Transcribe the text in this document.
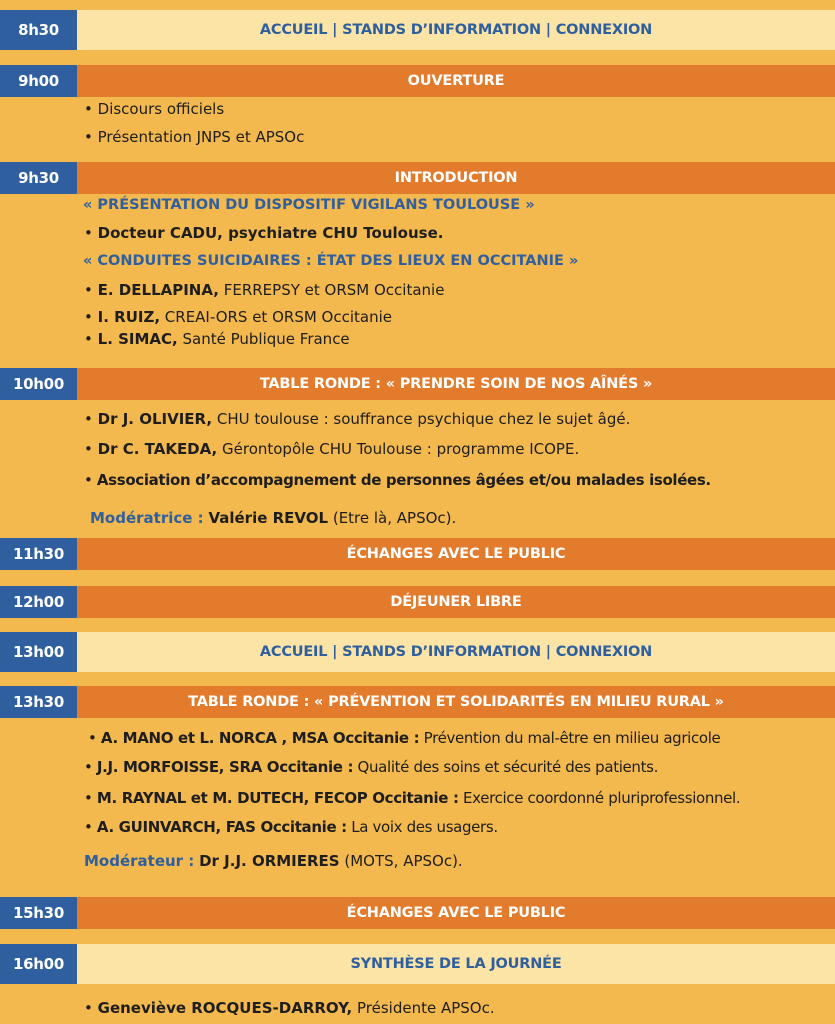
8h30	ACCUEIL | STANDS D’INFORMATION | CONNEXION
9h00	OUVERTURE
• Discours officiels
• Présentation JNPS et APSOc
9h30	INTRODUCTION
« PRÉSENTATION DU DISPOSITIF VIGILANS TOULOUSE »
• Docteur CADU, psychiatre CHU Toulouse.
« CONDUITES SUICIDAIRES : ÉTAT DES LIEUX EN OCCITANIE »
• E. DELLAPINA, FERREPSY et ORSM Occitanie
• I. RUIZ, CREAI-ORS et ORSM Occitanie
• L. SIMAC, Santé Publique France
10h00	TABLE RONDE : « PRENDRE SOIN DE NOS AÎNÉS »
• Dr J. OLIVIER, CHU toulouse : souffrance psychique chez le sujet âgé.
• Dr C. TAKEDA, Gérontopôle CHU Toulouse : programme ICOPE.
• Association d’accompagnement de personnes âgées et/ou malades isolées.
Modératrice : Valérie REVOL (Etre là, APSOc).
11h30	ÉCHANGES AVEC LE PUBLIC
12h00	DÉJEUNER LIBRE
13h00	ACCUEIL | STANDS D’INFORMATION | CONNEXION
13h30	TABLE RONDE : « PRÉVENTION ET SOLIDARITÉS EN MILIEU RURAL »
• A. MANO et L. NORCA , MSA Occitanie : Prévention du mal-être en milieu agricole
• J.J. MORFOISSE, SRA Occitanie : Qualité des soins et sécurité des patients.
• M. RAYNAL et M. DUTECH, FECOP Occitanie : Exercice coordonné pluriprofessionnel.
• A. GUINVARCH, FAS Occitanie : La voix des usagers.
Modérateur : Dr J.J. ORMIERES (MOTS, APSOc).
15h30	ÉCHANGES AVEC LE PUBLIC
16h00	SYNTHÈSE DE LA JOURNÉE
• Geneviève ROCQUES-DARROY, Présidente APSOc.
